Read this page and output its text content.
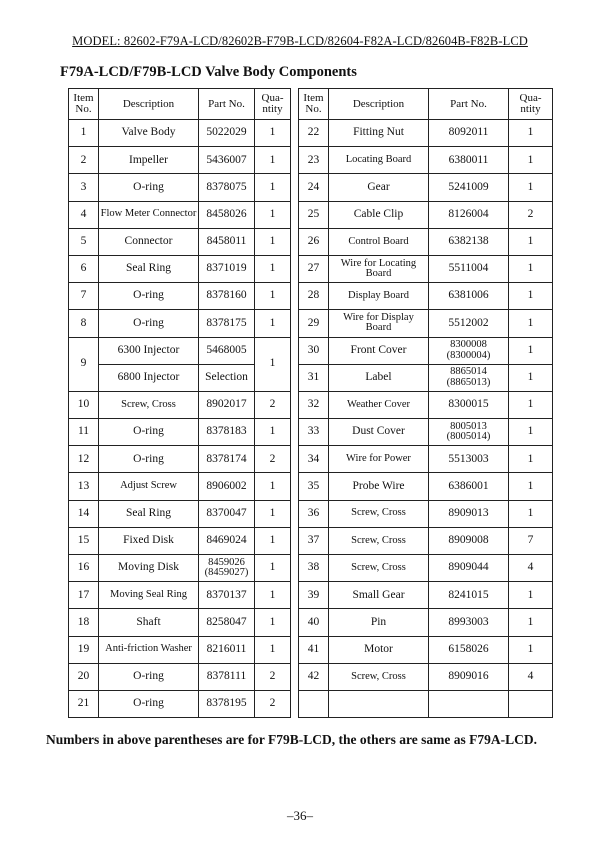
MODEL: 82602-F79A-LCD/82602B-F79B-LCD/82604-F82A-LCD/82604B-F82B-LCD
F79A-LCD/F79B-LCD Valve Body Components
Item No.	Description	Part No.	Qua-ntity		Item No.	Description	Part No.	Qua-ntity
1	Valve Body	5022029	1		22	Fitting Nut	8092011	1
2	Impeller	5436007	1		23	Locating Board	6380011	1
3	O-ring	8378075	1		24	Gear	5241009	1
4	Flow Meter Connector	8458026	1		25	Cable Clip	8126004	2
5	Connector	8458011	1		26	Control Board	6382138	1
6	Seal Ring	8371019	1		27	Wire for Locating Board	5511004	1
7	O-ring	8378160	1		28	Display Board	6381006	1
8	O-ring	8378175	1		29	Wire for Display Board	5512002	1
9	6300 Injector	5468005	1		30	Front Cover	8300008 (8300004)	1
	6800 Injector	Selection			31	Label	8865014 (8865013)	1
10	Screw, Cross	8902017	2		32	Weather Cover	8300015	1
11	O-ring	8378183	1		33	Dust Cover	8005013 (8005014)	1
12	O-ring	8378174	2		34	Wire for Power	5513003	1
13	Adjust Screw	8906002	1		35	Probe Wire	6386001	1
14	Seal Ring	8370047	1		36	Screw, Cross	8909013	1
15	Fixed Disk	8469024	1		37	Screw, Cross	8909008	7
16	Moving Disk	8459026 (8459027)	1		38	Screw, Cross	8909044	4
17	Moving Seal Ring	8370137	1		39	Small Gear	8241015	1
18	Shaft	8258047	1		40	Pin	8993003	1
19	Anti-friction Washer	8216011	1		41	Motor	6158026	1
20	O-ring	8378111	2		42	Screw, Cross	8909016	4
21	O-ring	8378195	2					
Numbers in above parentheses are for F79B-LCD, the others are same as F79A-LCD.
–36–
